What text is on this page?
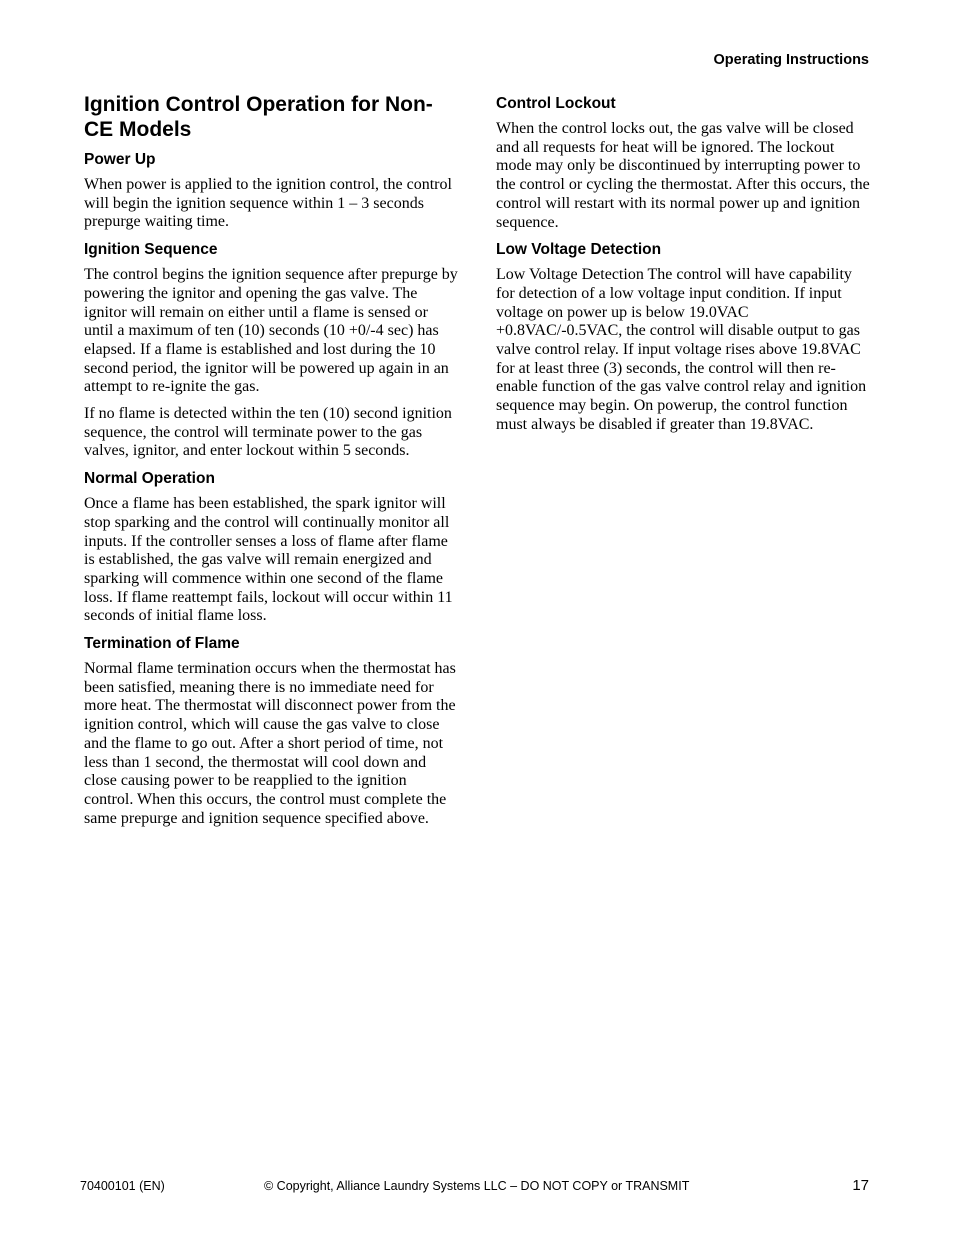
Operating Instructions
Ignition Control Operation for Non-CE Models
Power Up

When power is applied to the ignition control, the control will begin the ignition sequence within 1 – 3 seconds prepurge waiting time.

Ignition Sequence

The control begins the ignition sequence after prepurge by powering the ignitor and opening the gas valve. The ignitor will remain on either until a flame is sensed or until a maximum of ten (10) seconds (10 +0/-4 sec) has elapsed. If a flame is established and lost during the 10 second period, the ignitor will be powered up again in an attempt to re-ignite the gas.

If no flame is detected within the ten (10) second ignition sequence, the control will terminate power to the gas valves, ignitor, and enter lockout within 5 seconds.

Normal Operation

Once a flame has been established, the spark ignitor will stop sparking and the control will continually monitor all inputs. If the controller senses a loss of flame after flame is established, the gas valve will remain energized and sparking will commence within one second of the flame loss. If flame reattempt fails, lockout will occur within 11 seconds of initial flame loss.

Termination of Flame

Normal flame termination occurs when the thermostat has been satisfied, meaning there is no immediate need for more heat. The thermostat will disconnect power from the ignition control, which will cause the gas valve to close and the flame to go out. After a short period of time, not less than 1 second, the thermostat will cool down and close causing power to be reapplied to the ignition control. When this occurs, the control must complete the same prepurge and ignition sequence specified above.

Control Lockout

When the control locks out, the gas valve will be closed and all requests for heat will be ignored. The lockout mode may only be discontinued by interrupting power to the control or cycling the thermostat. After this occurs, the control will restart with its normal power up and ignition sequence.

Low Voltage Detection

Low Voltage Detection The control will have capability for detection of a low voltage input condition. If input voltage on power up is below 19.0VAC +0.8VAC/-0.5VAC, the control will disable output to gas valve control relay. If input voltage rises above 19.8VAC for at least three (3) seconds, the control will then re-enable function of the gas valve control relay and ignition sequence may begin. On powerup, the control function must always be disabled if greater than 19.8VAC.

70400101 (EN)	© Copyright, Alliance Laundry Systems LLC – DO NOT COPY or TRANSMIT	17
